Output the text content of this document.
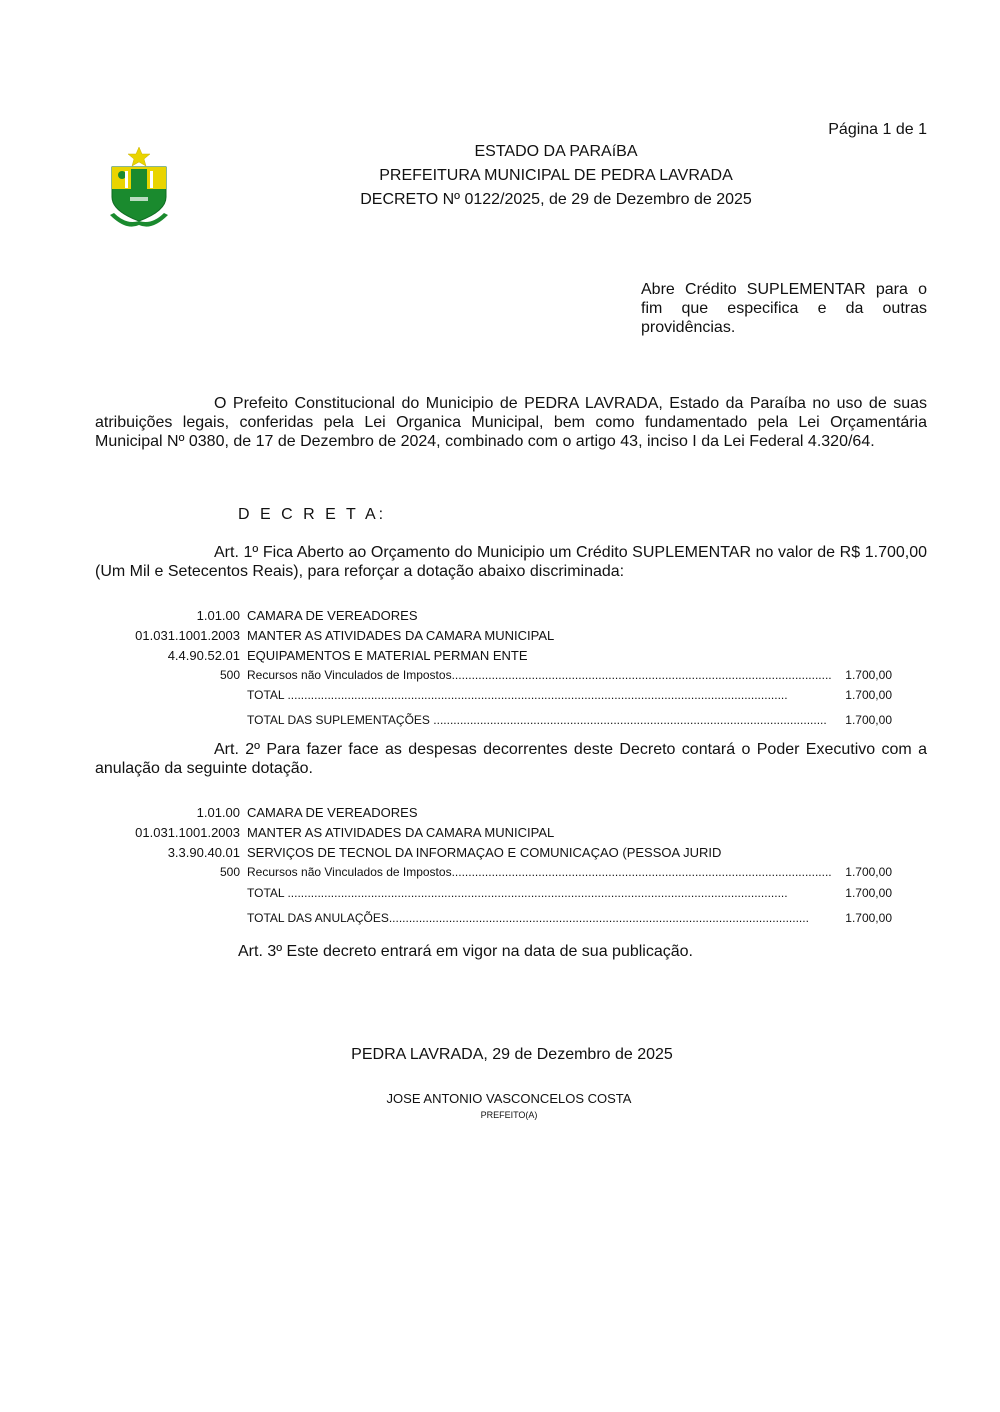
Página 1 de 1
ESTADO DA PARAíBA
PREFEITURA MUNICIPAL DE PEDRA LAVRADA
DECRETO Nº 0122/2025, de 29 de Dezembro de 2025
Abre Crédito SUPLEMENTAR para o fim que especifica e da outras providências.
O Prefeito Constitucional do Municipio de PEDRA LAVRADA, Estado da Paraíba no uso de suas atribuições legais, conferidas pela Lei Organica Municipal, bem como fundamentado pela Lei Orçamentária Municipal Nº 0380, de 17 de Dezembro de 2024, combinado com o artigo 43, inciso I da Lei Federal 4.320/64.
D E C R E T A:
Art. 1º Fica Aberto ao Orçamento do Municipio um Crédito SUPLEMENTAR no valor de R$ 1.700,00 (Um Mil e Setecentos Reais), para reforçar a dotação abaixo discriminada:
1.01.00 CAMARA DE VEREADORES
01.031.1001.2003 MANTER AS ATIVIDADES DA CAMARA MUNICIPAL
4.4.90.52.01 EQUIPAMENTOS E MATERIAL PERMAN ENTE
500 Recursos não Vinculados de Impostos.................................................................................................................. 1.700,00
TOTAL ......................................................................................................................................................	1.700,00
TOTAL DAS SUPLEMENTAÇÕES ...................................................................................................................... 1.700,00
Art. 2º Para fazer face as despesas decorrentes deste Decreto contará o Poder Executivo com a anulação da seguinte dotação.
1.01.00 CAMARA DE VEREADORES
01.031.1001.2003 MANTER AS ATIVIDADES DA CAMARA MUNICIPAL
3.3.90.40.01 SERVIÇOS DE TECNOL DA INFORMAÇAO E COMUNICAÇAO (PESSOA JURID
500 Recursos não Vinculados de Impostos.................................................................................................................. 1.700,00
TOTAL ......................................................................................................................................................	1.700,00
TOTAL DAS ANULAÇÕES..............................................................................................................................	1.700,00
Art. 3º Este decreto entrará em vigor na data de sua publicação.
PEDRA LAVRADA, 29 de Dezembro de 2025
JOSE ANTONIO VASCONCELOS COSTA
PREFEITO(A)
